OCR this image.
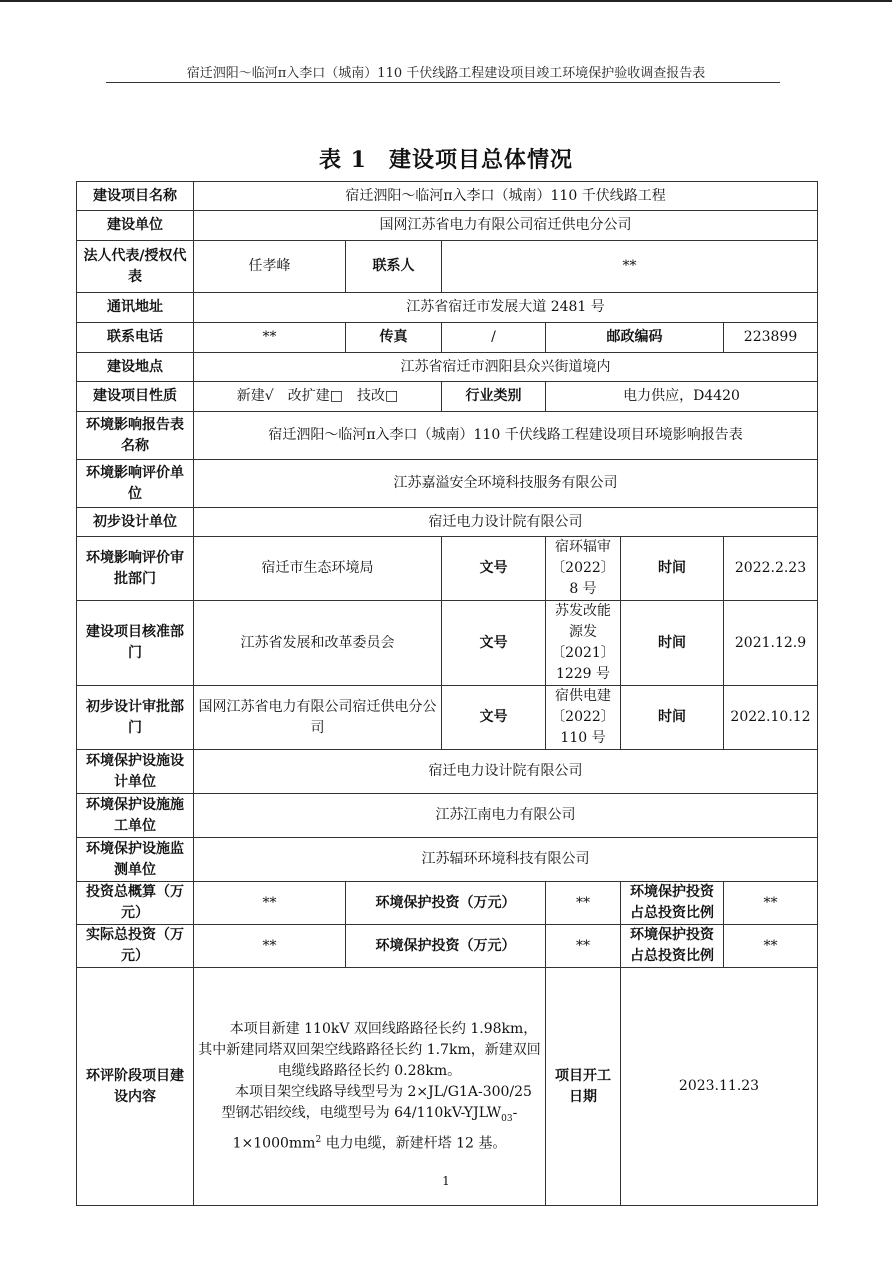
宿迁泗阳～临河π入李口（城南）110 千伏线路工程建设项目竣工环境保护验收调查报告表
表 1 建设项目总体情况
建设项目名称	宿迁泗阳～临河π入李口（城南）110 千伏线路工程					
建设单位	国网江苏省电力有限公司宿迁供电分公司					
法人代表/授权代表	任孝峰	联系人	**			
通讯地址	江苏省宿迁市发展大道 2481 号					
联系电话	**	传真	/	邮政编码		223899
建设地点	江苏省宿迁市泗阳县众兴街道境内					
建设项目性质	新建√　改扩建□　技改□		行业类别	电力供应，D4420		
环境影响报告表名称	宿迁泗阳～临河π入李口（城南）110 千伏线路工程建设项目环境影响报告表					
环境影响评价单位	江苏嘉溢安全环境科技服务有限公司					
初步设计单位	宿迁电力设计院有限公司					
环境影响评价审批部门	宿迁市生态环境局		文号	宿环辐审〔2022〕8 号	时间	2022.2.23
建设项目核准部门	江苏省发展和改革委员会		文号	苏发改能源发〔2021〕1229 号	时间	2021.12.9
初步设计审批部门	国网江苏省电力有限公司宿迁供电分公司		文号	宿供电建〔2022〕110 号	时间	2022.10.12
环境保护设施设计单位	宿迁电力设计院有限公司					
环境保护设施施工单位	江苏江南电力有限公司					
环境保护设施监测单位	江苏辐环环境科技有限公司					
投资总概算（万元）	**	环境保护投资（万元）		**	环境保护投资占总投资比例	**
实际总投资（万元）	**	环境保护投资（万元）		**	环境保护投资占总投资比例	**
环评阶段项目建设内容	本项目新建 110kV 双回线路路径长约 1.98km，其中新建同塔双回架空线路路径长约 1.7km，新建双回电缆线路路径长约 0.28km。

本项目架空线路导线型号为 2×JL/G1A-300/25 型钢芯铝绞线，电缆型号为 $64/110kV-YJLW_{03}-1\times 1000mm^2$ 电力电缆，新建杆塔 12 基。			项目开工日期	2023.11.23	
1
